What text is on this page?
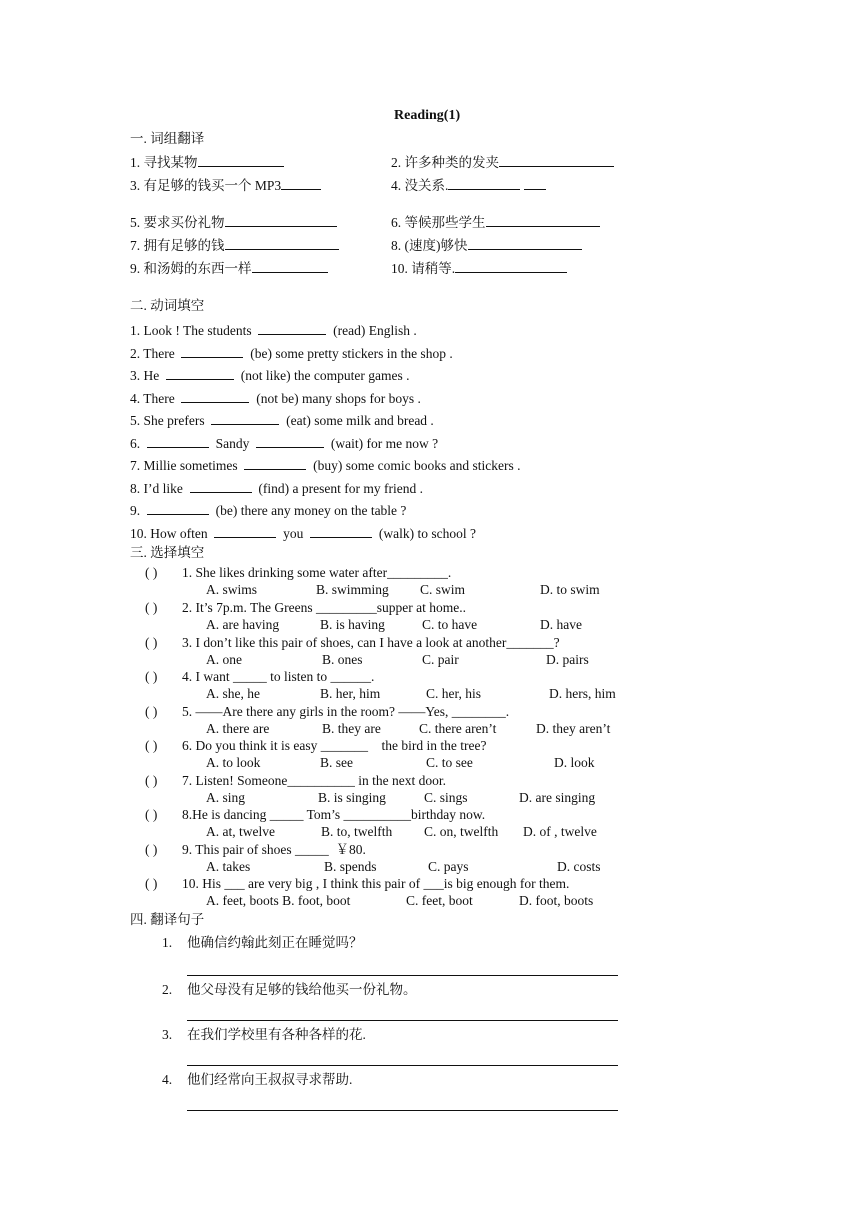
Reading(1)
一. 词组翻译
1. 寻找某物	2. 许多种类的发夹
3. 有足够的钱买一个 MP3	4. 没关系.
5. 要求买份礼物	6. 等候那些学生
7. 拥有足够的钱	8. (速度)够快
9. 和汤姆的东西一样	10. 请稍等.
二. 动词填空
1. Look ! The students	(read) English .
2. There	(be) some pretty stickers in the shop .
3. He	(not like) the computer games .
4. There	(not be) many shops for boys .
5. She prefers	(eat) some milk and bread .
6.	Sandy	(wait) for me now ?
7. Millie sometimes	(buy) some comic books and stickers .
8. I’d like	(find) a present for my friend .
9.	(be) there any money on the table ?
10. How often	you	(walk) to school ?
三. 选择填空
( ) 1. She likes drinking some water after_________.
A. swims	B. swimming C. swim	D. to swim
( ) 2. It’s 7p.m. The Greens _________supper at home..
A. are having	B. is having	C. to have	D. have
( ) 3. I don’t like this pair of shoes, can I have a look at another_______?
A. one	B. ones	C. pair	D. pairs
( ) 4. I want _____ to listen to ______.
A. she, he	B. her, him	C. her, his	D. hers, him
( ) 5. ——Are there any girls in the room? ——Yes, ________.
A. there are	B. they are	C. there aren’t	D. they aren’t
( ) 6. Do you think it is easy _______    the bird in the tree?
A. to look	B. see	C. to see	D. look
( ) 7. Listen! Someone__________ in the next door.
A. sing	B. is singing	C. sings	D. are singing
( ) 8.He is dancing _____ Tom’s __________birthday now.
A. at, twelve	B. to, twelfth C. on, twelfth D. of , twelve
( ) 9. This pair of shoes _____  ￥80.
A. takes	B. spends	C. pays	D. costs
( ) 10. His ___ are very big , I think this pair of ___is big enough for them.
A. feet, boots B. foot, boot	C. feet, boot	D. foot, boots
四. 翻译句子
1. 他确信约翰此刻正在睡觉吗？
2. 他父母没有足够的钱给他买一份礼物。
3. 在我们学校里有各种各样的花.
4. 他们经常向王叔叔寻求帮助.
